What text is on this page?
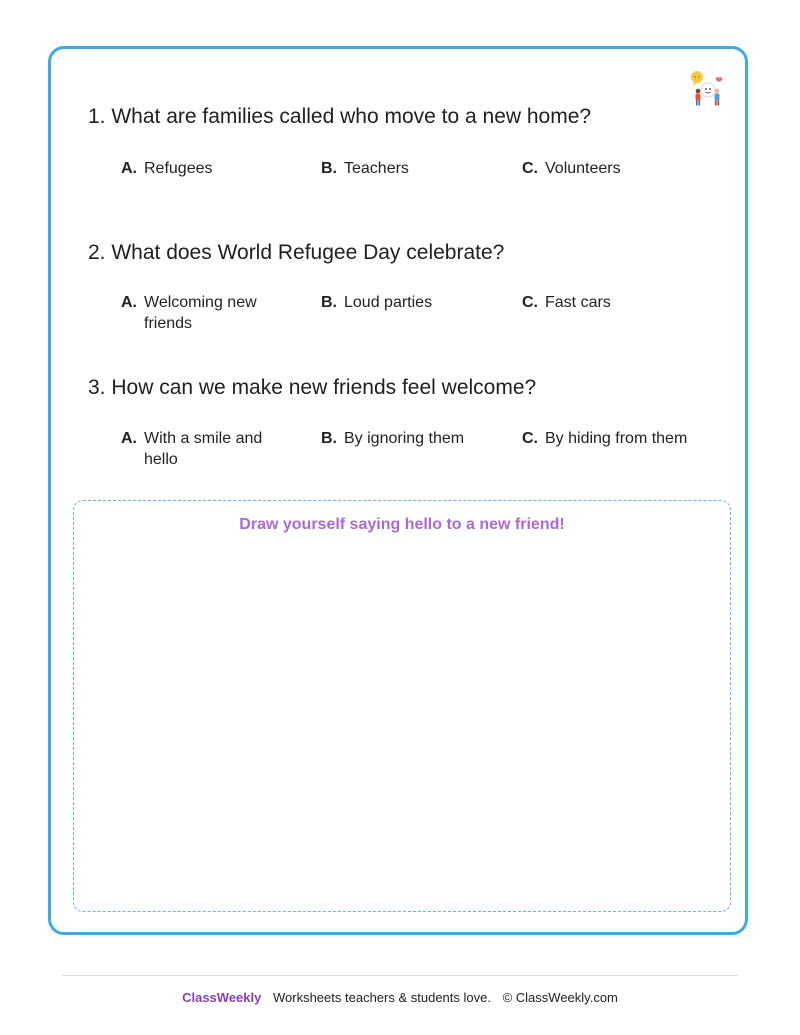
1. What are families called who move to a new home?
A. Refugees	B. Teachers	C. Volunteers
2. What does World Refugee Day celebrate?
A. Welcoming new friends
B. Loud parties	C. Fast cars
3. How can we make new friends feel welcome?
A. With a smile and hello
B. By ignoring them	C. By hiding from them
Draw yourself saying hello to a new friend!
ClassWeekly Worksheets teachers & students love. © ClassWeekly.com
